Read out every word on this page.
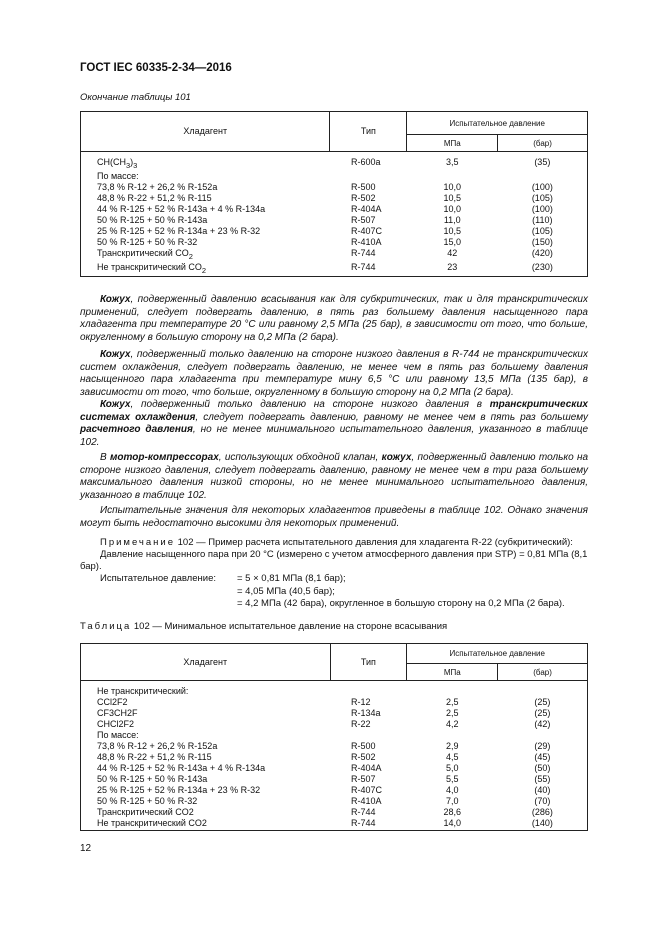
ГОСТ IEC 60335-2-34—2016
Окончание таблицы 101
Хладагент	Тип	Испытательное давление	
		МПа	(бар)
$CH(CH_3)_3$	R-600a	3,5	(35)
По массе:			
73,8 % R-12 + 26,2 % R-152a	R-500	10,0	(100)
48,8 % R-22 + 51,2 % R-115	R-502	10,5	(105)
44 % R-125 + 52 % R-143a + 4 % R-134a	R-404A	10,0	(100)
50 % R-125 + 50 % R-143a	R-507	11,0	(110)
25 % R-125 + 52 % R-134a + 23 % R-32	R-407C	10,5	(105)
50 % R-125 + 50 % R-32	R-410A	15,0	(150)
Транскритический $CO_2$	R-744	42	(420)
Не транскритический $CO_2$	R-744	23	(230)

Кожух, подверженный давлению всасывания как для субкритических, так и для транскритических применений, следует подвергать давлению, в пять раз большему давления насыщенного пара хладагента при температуре 20 °C или равному 2,5 МПа (25 бар), в зависимости от того, что больше, округленному в большую сторону на 0,2 МПа (2 бара).

Кожух, подверженный только давлению на стороне низкого давления в R-744 не транскритических систем охлаждения, следует подвергать давлению, не менее чем в пять раз большему давления насыщенного пара хладагента при температуре мину 6,5 °C или равному 13,5 МПа (135 бар), в зависимости от того, что больше, округленному в большую сторону на 0,2 МПа (2 бара).

Кожух, подверженный только давлению на стороне низкого давления в транскритических системах охлаждения, следует подвергать давлению, равному не менее чем в пять раз большему расчетного давления, но не менее минимального испытательного давления, указанного в таблице 102.

В мотор-компрессорах, использующих обходной клапан, кожух, подверженный давлению только на стороне низкого давления, следует подвергать давлению, равному не менее чем в три раза большему максимального давления низкой стороны, но не менее минимального испытательного давления, указанного в таблице 102.

Испытательные значения для некоторых хладагентов приведены в таблице 102. Однако значения могут быть недостаточно высокими для некоторых применений.

Примечание 102 — Пример расчета испытательного давления для хладагента R-22 (субкритический):

Давление насыщенного пара при 20 °C (измерено с учетом атмосферного давления при STP) = 0,81 МПа (8,1 бар).

Испытательное давление:	= 5 × 0,81 МПа (8,1 бар);
= 4,05 МПа (40,5 бар);
= 4,2 МПа (42 бара), округленное в большую сторону на 0,2 МПа (2 бара).
Таблица 102 — Минимальное испытательное давление на стороне всасывания
Хладагент	Тип	Испытательное давление	
		МПа	(бар)
Не транскритический:			
CCl2F2	R-12	2,5	(25)
CF3CH2F	R-134a	2,5	(25)
CHCl2F2	R-22	4,2	(42)
По массе:			
73,8 % R-12 + 26,2 % R-152a	R-500	2,9	(29)
48,8 % R-22 + 51,2 % R-115	R-502	4,5	(45)
44 % R-125 + 52 % R-143a + 4 % R-134a	R-404A	5,0	(50)
50 % R-125 + 50 % R-143a	R-507	5,5	(55)
25 % R-125 + 52 % R-134a + 23 % R-32	R-407C	4,0	(40)
50 % R-125 + 50 % R-32	R-410A	7,0	(70)
Транскритический CO2	R-744	28,6	(286)
Не транскритический CO2	R-744	14,0	(140)
12
